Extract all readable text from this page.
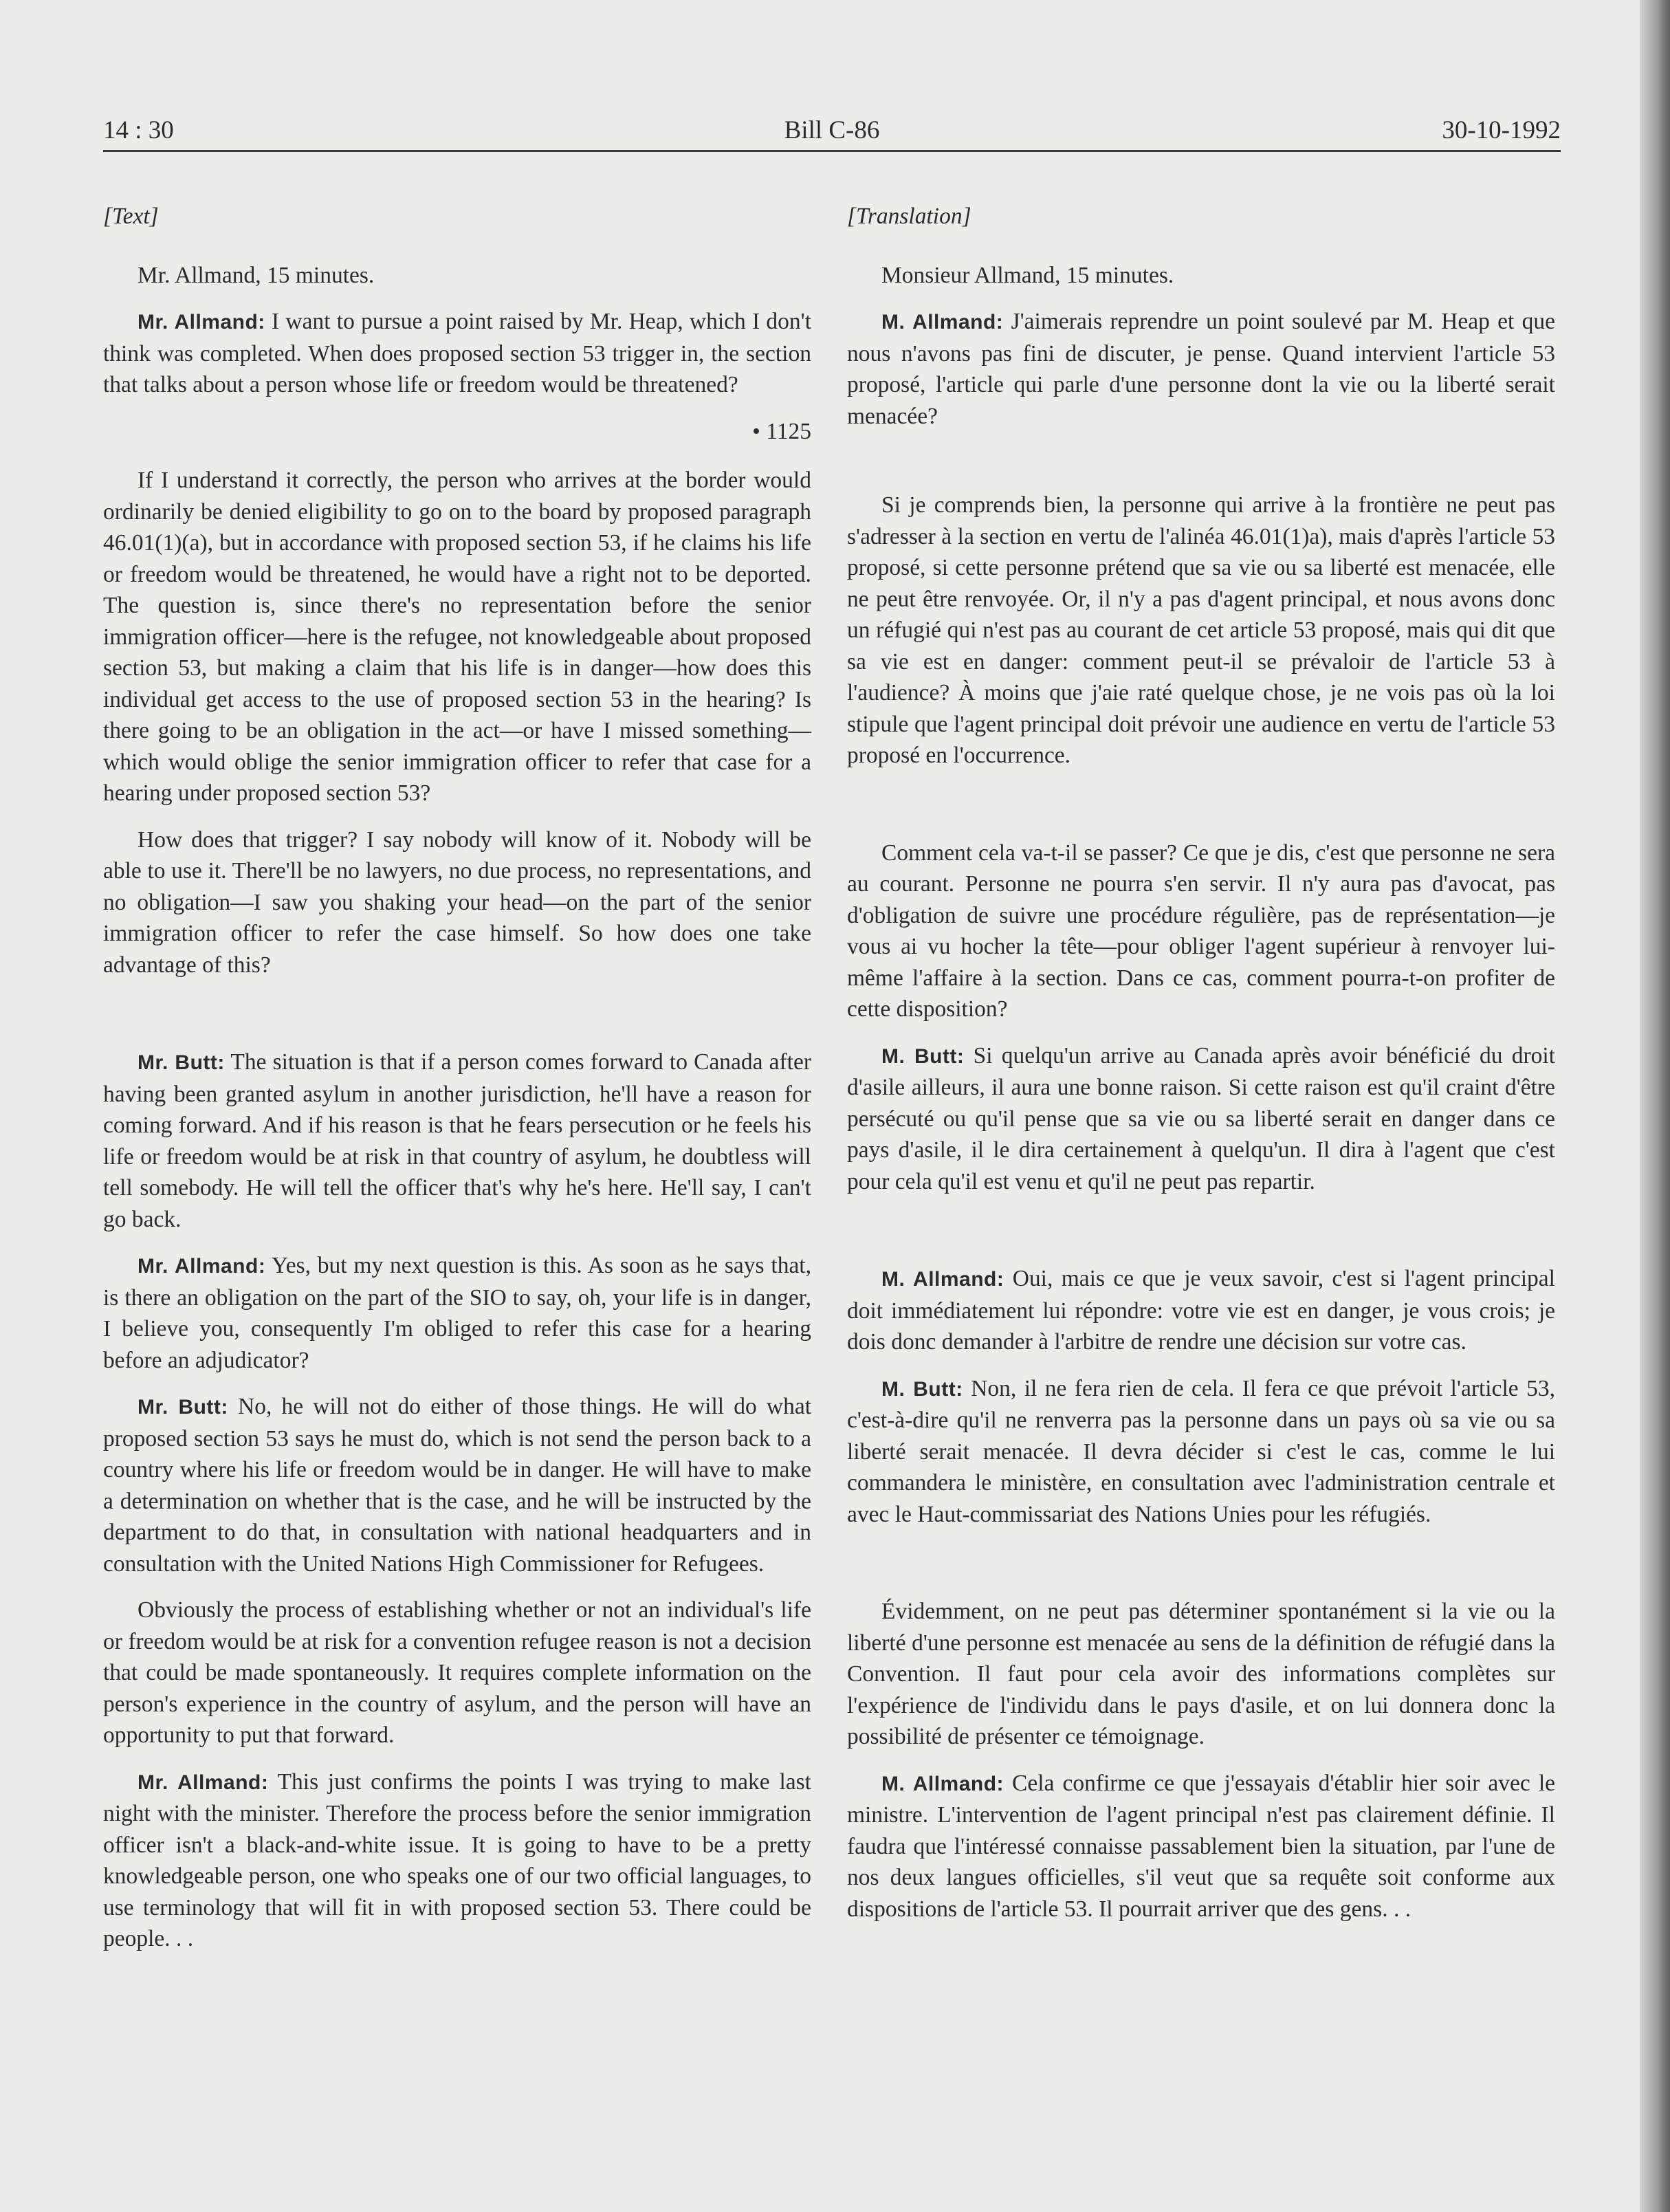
14 : 30	Bill C-86	30-10-1992

[Text]

Mr. Allmand, 15 minutes.

Mr. Allmand: I want to pursue a point raised by Mr. Heap, which I don't think was completed. When does proposed section 53 trigger in, the section that talks about a person whose life or freedom would be threatened?

• 1125

If I understand it correctly, the person who arrives at the border would ordinarily be denied eligibility to go on to the board by proposed paragraph 46.01(1)(a), but in accordance with proposed section 53, if he claims his life or freedom would be threatened, he would have a right not to be deported. The question is, since there's no representation before the senior immigration officer—here is the refugee, not knowledgeable about proposed section 53, but making a claim that his life is in danger—how does this individual get access to the use of proposed section 53 in the hearing? Is there going to be an obligation in the act—or have I missed something—which would oblige the senior immigration officer to refer that case for a hearing under proposed section 53?

How does that trigger? I say nobody will know of it. Nobody will be able to use it. There'll be no lawyers, no due process, no representations, and no obligation—I saw you shaking your head—on the part of the senior immigration officer to refer the case himself. So how does one take advantage of this?

Mr. Butt: The situation is that if a person comes forward to Canada after having been granted asylum in another jurisdiction, he'll have a reason for coming forward. And if his reason is that he fears persecution or he feels his life or freedom would be at risk in that country of asylum, he doubtless will tell somebody. He will tell the officer that's why he's here. He'll say, I can't go back.

Mr. Allmand: Yes, but my next question is this. As soon as he says that, is there an obligation on the part of the SIO to say, oh, your life is in danger, I believe you, consequently I'm obliged to refer this case for a hearing before an adjudicator?

Mr. Butt: No, he will not do either of those things. He will do what proposed section 53 says he must do, which is not send the person back to a country where his life or freedom would be in danger. He will have to make a determination on whether that is the case, and he will be instructed by the department to do that, in consultation with national headquarters and in consultation with the United Nations High Commissioner for Refugees.

Obviously the process of establishing whether or not an individual's life or freedom would be at risk for a convention refugee reason is not a decision that could be made spontaneously. It requires complete information on the person's experience in the country of asylum, and the person will have an opportunity to put that forward.

Mr. Allmand: This just confirms the points I was trying to make last night with the minister. Therefore the process before the senior immigration officer isn't a black-and-white issue. It is going to have to be a pretty knowledgeable person, one who speaks one of our two official languages, to use terminology that will fit in with proposed section 53. There could be people. . .

[Translation]

Monsieur Allmand, 15 minutes.

M. Allmand: J'aimerais reprendre un point soulevé par M. Heap et que nous n'avons pas fini de discuter, je pense. Quand intervient l'article 53 proposé, l'article qui parle d'une personne dont la vie ou la liberté serait menacée?

Si je comprends bien, la personne qui arrive à la frontière ne peut pas s'adresser à la section en vertu de l'alinéa 46.01(1)a), mais d'après l'article 53 proposé, si cette personne prétend que sa vie ou sa liberté est menacée, elle ne peut être renvoyée. Or, il n'y a pas d'agent principal, et nous avons donc un réfugié qui n'est pas au courant de cet article 53 proposé, mais qui dit que sa vie est en danger: comment peut-il se prévaloir de l'article 53 à l'audience? À moins que j'aie raté quelque chose, je ne vois pas où la loi stipule que l'agent principal doit prévoir une audience en vertu de l'article 53 proposé en l'occurrence.

Comment cela va-t-il se passer? Ce que je dis, c'est que personne ne sera au courant. Personne ne pourra s'en servir. Il n'y aura pas d'avocat, pas d'obligation de suivre une procédure régulière, pas de représentation—je vous ai vu hocher la tête—pour obliger l'agent supérieur à renvoyer lui-même l'affaire à la section. Dans ce cas, comment pourra-t-on profiter de cette disposition?

M. Butt: Si quelqu'un arrive au Canada après avoir bénéficié du droit d'asile ailleurs, il aura une bonne raison. Si cette raison est qu'il craint d'être persécuté ou qu'il pense que sa vie ou sa liberté serait en danger dans ce pays d'asile, il le dira certainement à quelqu'un. Il dira à l'agent que c'est pour cela qu'il est venu et qu'il ne peut pas repartir.

M. Allmand: Oui, mais ce que je veux savoir, c'est si l'agent principal doit immédiatement lui répondre: votre vie est en danger, je vous crois; je dois donc demander à l'arbitre de rendre une décision sur votre cas.

M. Butt: Non, il ne fera rien de cela. Il fera ce que prévoit l'article 53, c'est-à-dire qu'il ne renverra pas la personne dans un pays où sa vie ou sa liberté serait menacée. Il devra décider si c'est le cas, comme le lui commandera le ministère, en consultation avec l'administration centrale et avec le Haut-commissariat des Nations Unies pour les réfugiés.

Évidemment, on ne peut pas déterminer spontanément si la vie ou la liberté d'une personne est menacée au sens de la définition de réfugié dans la Convention. Il faut pour cela avoir des informations complètes sur l'expérience de l'individu dans le pays d'asile, et on lui donnera donc la possibilité de présenter ce témoignage.

M. Allmand: Cela confirme ce que j'essayais d'établir hier soir avec le ministre. L'intervention de l'agent principal n'est pas clairement définie. Il faudra que l'intéressé connaisse passablement bien la situation, par l'une de nos deux langues officielles, s'il veut que sa requête soit conforme aux dispositions de l'article 53. Il pourrait arriver que des gens. . .
